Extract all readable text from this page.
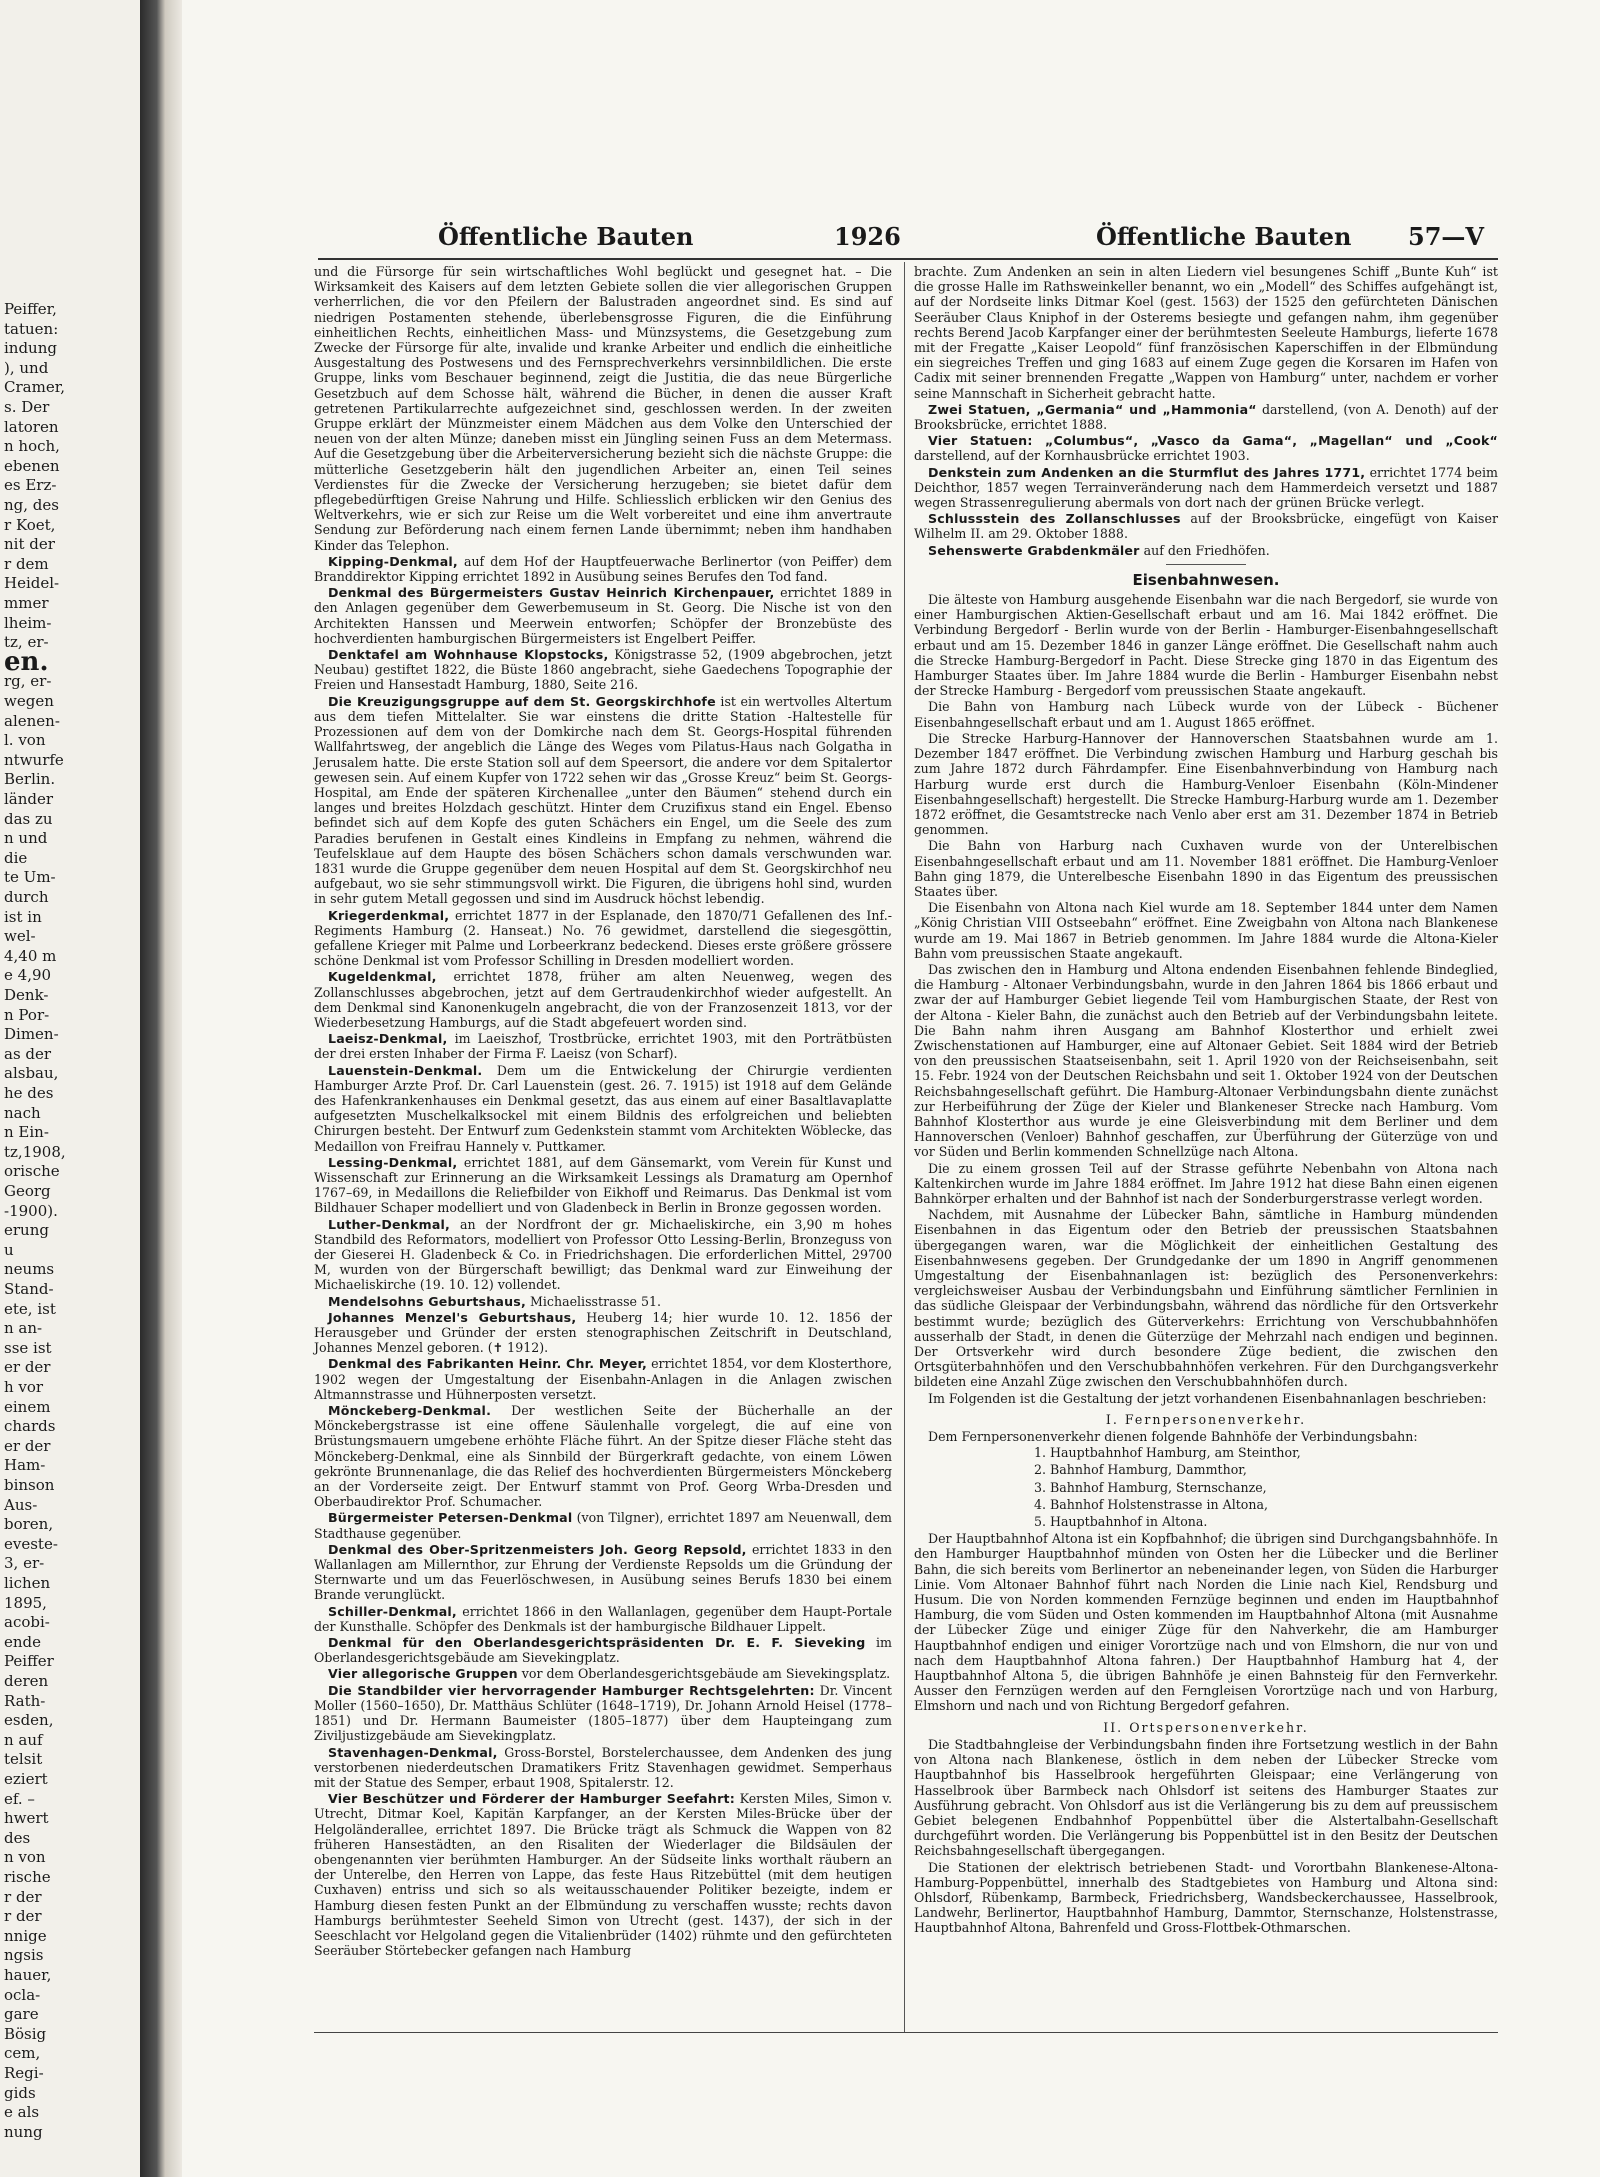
Peiffer,
tatuen:
indung
), und
Cramer,
s. Der
latoren
n hoch,
ebenen
es Erz-
ng, des
r Koet,
nit der
r dem
Heidel-
mmer
lheim-
tz, er-
en.
rg, er-
wegen
alenen-
l. von
ntwurfe
Berlin.
länder
das zu
n und
die
te Um-
durch
ist in
wel-
4,40 m
e 4,90
Denk-
n Por-
Dimen-
as der
alsbau,
he des
nach
n Ein-
tz,1908,
orische
Georg
-1900).
erung
u
neums
Stand-
ete, ist
n an-
sse ist
er der
h vor
einem
chards
er der
Ham-
binson
Aus-
boren,
eveste-
3, er-
lichen
1895,
acobi-
ende
Peiffer
deren
Rath-
esden,
n auf
telsit
eziert
ef. –
hwert
des
n von
rische
r der
r der
nnige
ngsis
hauer,
ocla-
gare
Bösig
cem,
Regi-
gids
e als
nung
Öffentliche Bauten	1926	Öffentliche Bauten 57—V

und die Fürsorge für sein wirtschaftliches Wohl beglückt und gesegnet hat. – Die Wirksamkeit des Kaisers auf dem letzten Gebiete sollen die vier allegorischen Gruppen verherrlichen, die vor den Pfeilern der Balustraden angeordnet sind. Es sind auf niedrigen Postamenten stehende, überlebensgrosse Figuren, die die Einführung einheitlichen Rechts, einheitlichen Mass- und Münzsystems, die Gesetzgebung zum Zwecke der Fürsorge für alte, invalide und kranke Arbeiter und endlich die einheitliche Ausgestaltung des Postwesens und des Fernsprechverkehrs versinnbildlichen. Die erste Gruppe, links vom Beschauer beginnend, zeigt die Justitia, die das neue Bürgerliche Gesetzbuch auf dem Schosse hält, während die Bücher, in denen die ausser Kraft getretenen Partikularrechte aufgezeichnet sind, geschlossen werden. In der zweiten Gruppe erklärt der Münzmeister einem Mädchen aus dem Volke den Unterschied der neuen von der alten Münze; daneben misst ein Jüngling seinen Fuss an dem Metermass. Auf die Gesetzgebung über die Arbeiterversicherung bezieht sich die nächste Gruppe: die mütterliche Gesetzgeberin hält den jugendlichen Arbeiter an, einen Teil seines Verdienstes für die Zwecke der Versicherung herzugeben; sie bietet dafür dem pflegebedürftigen Greise Nahrung und Hilfe. Schliesslich erblicken wir den Genius des Weltverkehrs, wie er sich zur Reise um die Welt vorbereitet und eine ihm anvertraute Sendung zur Beförderung nach einem fernen Lande übernimmt; neben ihm handhaben Kinder das Telephon.

Kipping-Denkmal, auf dem Hof der Hauptfeuerwache Berlinertor (von Peiffer) dem Branddirektor Kipping errichtet 1892 in Ausübung seines Berufes den Tod fand.

Denkmal des Bürgermeisters Gustav Heinrich Kirchenpauer, errichtet 1889 in den Anlagen gegenüber dem Gewerbemuseum in St. Georg. Die Nische ist von den Architekten Hanssen und Meerwein entworfen; Schöpfer der Bronzebüste des hochverdienten hamburgischen Bürgermeisters ist Engelbert Peiffer.

Denktafel am Wohnhause Klopstocks, Königstrasse 52, (1909 abgebrochen, jetzt Neubau) gestiftet 1822, die Büste 1860 angebracht, siehe Gaedechens Topographie der Freien und Hansestadt Hamburg, 1880, Seite 216.

Die Kreuzigungsgruppe auf dem St. Georgskirchhofe ist ein wertvolles Altertum aus dem tiefen Mittelalter. Sie war einstens die dritte Station -Haltestelle für Prozessionen auf dem von der Domkirche nach dem St. Georgs-Hospital führenden Wallfahrtsweg, der angeblich die Länge des Weges vom Pilatus-Haus nach Golgatha in Jerusalem hatte. Die erste Station soll auf dem Speersort, die andere vor dem Spitalertor gewesen sein. Auf einem Kupfer von 1722 sehen wir das „Grosse Kreuz“ beim St. Georgs-Hospital, am Ende der späteren Kirchenallee „unter den Bäumen“ stehend durch ein langes und breites Holzdach geschützt. Hinter dem Cruzifixus stand ein Engel. Ebenso befindet sich auf dem Kopfe des guten Schächers ein Engel, um die Seele des zum Paradies berufenen in Gestalt eines Kindleins in Empfang zu nehmen, während die Teufelsklaue auf dem Haupte des bösen Schächers schon damals verschwunden war. 1831 wurde die Gruppe gegenüber dem neuen Hospital auf dem St. Georgskirchhof neu aufgebaut, wo sie sehr stimmungsvoll wirkt. Die Figuren, die übrigens hohl sind, wurden in sehr gutem Metall gegossen und sind im Ausdruck höchst lebendig.

Kriegerdenkmal, errichtet 1877 in der Esplanade, den 1870/71 Gefallenen des Inf.-Regiments Hamburg (2. Hanseat.) No. 76 gewidmet, darstellend die siegesgöttin, gefallene Krieger mit Palme und Lorbeerkranz bedeckend. Dieses erste größere grössere schöne Denkmal ist vom Professor Schilling in Dresden modelliert worden.

Kugeldenkmal, errichtet 1878, früher am alten Neuenweg, wegen des Zollanschlusses abgebrochen, jetzt auf dem Gertraudenkirchhof wieder aufgestellt. An dem Denkmal sind Kanonenkugeln angebracht, die von der Franzosenzeit 1813, vor der Wiederbesetzung Hamburgs, auf die Stadt abgefeuert worden sind.

Laeisz-Denkmal, im Laeiszhof, Trostbrücke, errichtet 1903, mit den Porträtbüsten der drei ersten Inhaber der Firma F. Laeisz (von Scharf).

Lauenstein-Denkmal. Dem um die Entwickelung der Chirurgie verdienten Hamburger Arzte Prof. Dr. Carl Lauenstein (gest. 26. 7. 1915) ist 1918 auf dem Gelände des Hafenkrankenhauses ein Denkmal gesetzt, das aus einem auf einer Basaltlavaplatte aufgesetzten Muschelkalksockel mit einem Bildnis des erfolgreichen und beliebten Chirurgen besteht. Der Entwurf zum Gedenkstein stammt vom Architekten Wöblecke, das Medaillon von Freifrau Hannely v. Puttkamer.

Lessing-Denkmal, errichtet 1881, auf dem Gänsemarkt, vom Verein für Kunst und Wissenschaft zur Erinnerung an die Wirksamkeit Lessings als Dramaturg am Opernhof 1767–69, in Medaillons die Reliefbilder von Eikhoff und Reimarus. Das Denkmal ist vom Bildhauer Schaper modelliert und von Gladenbeck in Berlin in Bronze gegossen worden.

Luther-Denkmal, an der Nordfront der gr. Michaeliskirche, ein 3,90 m hohes Standbild des Reformators, modelliert von Professor Otto Lessing-Berlin, Bronzeguss von der Gieserei H. Gladenbeck & Co. in Friedrichshagen. Die erforderlichen Mittel, 29700 M, wurden von der Bürgerschaft bewilligt; das Denkmal ward zur Einweihung der Michaeliskirche (19. 10. 12) vollendet.

Mendelsohns Geburtshaus, Michaelisstrasse 51.

Johannes Menzel's Geburtshaus, Heuberg 14; hier wurde 10. 12. 1856 der Herausgeber und Gründer der ersten stenographischen Zeitschrift in Deutschland, Johannes Menzel geboren. (✝ 1912).

Denkmal des Fabrikanten Heinr. Chr. Meyer, errichtet 1854, vor dem Klosterthore, 1902 wegen der Umgestaltung der Eisenbahn-Anlagen in die Anlagen zwischen Altmannstrasse und Hühnerposten versetzt.

Mönckeberg-Denkmal. Der westlichen Seite der Bücherhalle an der Mönckebergstrasse ist eine offene Säulenhalle vorgelegt, die auf eine von Brüstungsmauern umgebene erhöhte Fläche führt. An der Spitze dieser Fläche steht das Mönckeberg-Denkmal, eine als Sinnbild der Bürgerkraft gedachte, von einem Löwen gekrönte Brunnenanlage, die das Relief des hochverdienten Bürgermeisters Mönckeberg an der Vorderseite zeigt. Der Entwurf stammt von Prof. Georg Wrba-Dresden und Oberbaudirektor Prof. Schumacher.

Bürgermeister Petersen-Denkmal (von Tilgner), errichtet 1897 am Neuenwall, dem Stadthause gegenüber.

Denkmal des Ober-Spritzenmeisters Joh. Georg Repsold, errichtet 1833 in den Wallanlagen am Millernthor, zur Ehrung der Verdienste Repsolds um die Gründung der Sternwarte und um das Feuerlöschwesen, in Ausübung seines Berufs 1830 bei einem Brande verunglückt.

Schiller-Denkmal, errichtet 1866 in den Wallanlagen, gegenüber dem Haupt-Portale der Kunsthalle. Schöpfer des Denkmals ist der hamburgische Bildhauer Lippelt.

Denkmal für den Oberlandesgerichtspräsidenten Dr. E. F. Sieveking im Oberlandesgerichtsgebäude am Sievekingplatz.

Vier allegorische Gruppen vor dem Oberlandesgerichtsgebäude am Sievekingsplatz.

Die Standbilder vier hervorragender Hamburger Rechtsgelehrten: Dr. Vincent Moller (1560–1650), Dr. Matthäus Schlüter (1648–1719), Dr. Johann Arnold Heisel (1778–1851) und Dr. Hermann Baumeister (1805–1877) über dem Haupteingang zum Ziviljustizgebäude am Sievekingplatz.

Stavenhagen-Denkmal, Gross-Borstel, Borstelerchaussee, dem Andenken des jung verstorbenen niederdeutschen Dramatikers Fritz Stavenhagen gewidmet. Semperhaus mit der Statue des Semper, erbaut 1908, Spitalerstr. 12.

Vier Beschützer und Förderer der Hamburger Seefahrt: Kersten Miles, Simon v. Utrecht, Ditmar Koel, Kapitän Karpfanger, an der Kersten Miles-Brücke über der Helgoländerallee, errichtet 1897. Die Brücke trägt als Schmuck die Wappen von 82 früheren Hansestädten, an den Risaliten der Wiederlager die Bildsäulen der obengenannten vier berühmten Hamburger. An der Südseite links worthalt räubern an der Unterelbe, den Herren von Lappe, das feste Haus Ritzebüttel (mit dem heutigen Cuxhaven) entriss und sich so als weitausschauender Politiker bezeigte, indem er Hamburg diesen festen Punkt an der Elbmündung zu verschaffen wusste; rechts davon Hamburgs berühmtester Seeheld Simon von Utrecht (gest. 1437), der sich in der Seeschlacht vor Helgoland gegen die Vitalienbrüder (1402) rühmte und den gefürchteten Seeräuber Störtebecker gefangen nach Hamburg

brachte. Zum Andenken an sein in alten Liedern viel besungenes Schiff „Bunte Kuh“ ist die grosse Halle im Rathsweinkeller benannt, wo ein „Modell“ des Schiffes aufgehängt ist, auf der Nordseite links Ditmar Koel (gest. 1563) der 1525 den gefürchteten Dänischen Seeräuber Claus Kniphof in der Osterems besiegte und gefangen nahm, ihm gegenüber rechts Berend Jacob Karpfanger einer der berühmtesten Seeleute Hamburgs, lieferte 1678 mit der Fregatte „Kaiser Leopold“ fünf französischen Kaperschiffen in der Elbmündung ein siegreiches Treffen und ging 1683 auf einem Zuge gegen die Korsaren im Hafen von Cadix mit seiner brennenden Fregatte „Wappen von Hamburg“ unter, nachdem er vorher seine Mannschaft in Sicherheit gebracht hatte.

Zwei Statuen, „Germania“ und „Hammonia“ darstellend, (von A. Denoth) auf der Brooksbrücke, errichtet 1888.

Vier Statuen: „Columbus“, „Vasco da Gama“, „Magellan“ und „Cook“ darstellend, auf der Kornhausbrücke errichtet 1903.

Denkstein zum Andenken an die Sturmflut des Jahres 1771, errichtet 1774 beim Deichthor, 1857 wegen Terrainveränderung nach dem Hammerdeich versetzt und 1887 wegen Strassenregulierung abermals von dort nach der grünen Brücke verlegt.

Schlussstein des Zollanschlusses auf der Brooksbrücke, eingefügt von Kaiser Wilhelm II. am 29. Oktober 1888.

Sehenswerte Grabdenkmäler auf den Friedhöfen.

Eisenbahnwesen.

Die älteste von Hamburg ausgehende Eisenbahn war die nach Bergedorf, sie wurde von einer Hamburgischen Aktien-Gesellschaft erbaut und am 16. Mai 1842 eröffnet. Die Verbindung Bergedorf - Berlin wurde von der Berlin - Hamburger-Eisenbahngesellschaft erbaut und am 15. Dezember 1846 in ganzer Länge eröffnet. Die Gesellschaft nahm auch die Strecke Hamburg-Bergedorf in Pacht. Diese Strecke ging 1870 in das Eigentum des Hamburger Staates über. Im Jahre 1884 wurde die Berlin - Hamburger Eisenbahn nebst der Strecke Hamburg - Bergedorf vom preussischen Staate angekauft.

Die Bahn von Hamburg nach Lübeck wurde von der Lübeck - Büchener Eisenbahngesellschaft erbaut und am 1. August 1865 eröffnet.

Die Strecke Harburg-Hannover der Hannoverschen Staatsbahnen wurde am 1. Dezember 1847 eröffnet. Die Verbindung zwischen Hamburg und Harburg geschah bis zum Jahre 1872 durch Fährdampfer. Eine Eisenbahnverbindung von Hamburg nach Harburg wurde erst durch die Hamburg-Venloer Eisenbahn (Köln-Mindener Eisenbahngesellschaft) hergestellt. Die Strecke Hamburg-Harburg wurde am 1. Dezember 1872 eröffnet, die Gesamtstrecke nach Venlo aber erst am 31. Dezember 1874 in Betrieb genommen.

Die Bahn von Harburg nach Cuxhaven wurde von der Unterelbischen Eisenbahngesellschaft erbaut und am 11. November 1881 eröffnet. Die Hamburg-Venloer Bahn ging 1879, die Unterelbesche Eisenbahn 1890 in das Eigentum des preussischen Staates über.

Die Eisenbahn von Altona nach Kiel wurde am 18. September 1844 unter dem Namen „König Christian VIII Ostseebahn“ eröffnet. Eine Zweigbahn von Altona nach Blankenese wurde am 19. Mai 1867 in Betrieb genommen. Im Jahre 1884 wurde die Altona-Kieler Bahn vom preussischen Staate angekauft.

Das zwischen den in Hamburg und Altona endenden Eisenbahnen fehlende Bindeglied, die Hamburg - Altonaer Verbindungsbahn, wurde in den Jahren 1864 bis 1866 erbaut und zwar der auf Hamburger Gebiet liegende Teil vom Hamburgischen Staate, der Rest von der Altona - Kieler Bahn, die zunächst auch den Betrieb auf der Verbindungsbahn leitete. Die Bahn nahm ihren Ausgang am Bahnhof Klosterthor und erhielt zwei Zwischenstationen auf Hamburger, eine auf Altonaer Gebiet. Seit 1884 wird der Betrieb von den preussischen Staatseisenbahn, seit 1. April 1920 von der Reichseisenbahn, seit 15. Febr. 1924 von der Deutschen Reichsbahn und seit 1. Oktober 1924 von der Deutschen Reichsbahngesellschaft geführt. Die Hamburg-Altonaer Verbindungsbahn diente zunächst zur Herbeiführung der Züge der Kieler und Blankeneser Strecke nach Hamburg. Vom Bahnhof Klosterthor aus wurde je eine Gleisverbindung mit dem Berliner und dem Hannoverschen (Venloer) Bahnhof geschaffen, zur Überführung der Güterzüge von und vor Süden und Berlin kommenden Schnellzüge nach Altona.

Die zu einem grossen Teil auf der Strasse geführte Nebenbahn von Altona nach Kaltenkirchen wurde im Jahre 1884 eröffnet. Im Jahre 1912 hat diese Bahn einen eigenen Bahnkörper erhalten und der Bahnhof ist nach der Sonderburgerstrasse verlegt worden.

Nachdem, mit Ausnahme der Lübecker Bahn, sämtliche in Hamburg mündenden Eisenbahnen in das Eigentum oder den Betrieb der preussischen Staatsbahnen übergegangen waren, war die Möglichkeit der einheitlichen Gestaltung des Eisenbahnwesens gegeben. Der Grundgedanke der um 1890 in Angriff genommenen Umgestaltung der Eisenbahnanlagen ist: bezüglich des Personenverkehrs: vergleichsweiser Ausbau der Verbindungsbahn und Einführung sämtlicher Fernlinien in das südliche Gleispaar der Verbindungsbahn, während das nördliche für den Ortsverkehr bestimmt wurde; bezüglich des Güterverkehrs: Errichtung von Verschubbahnhöfen ausserhalb der Stadt, in denen die Güterzüge der Mehrzahl nach endigen und beginnen. Der Ortsverkehr wird durch besondere Züge bedient, die zwischen den Ortsgüterbahnhöfen und den Verschubbahnhöfen verkehren. Für den Durchgangsverkehr bildeten eine Anzahl Züge zwischen den Verschubbahnhöfen durch.

Im Folgenden ist die Gestaltung der jetzt vorhandenen Eisenbahnanlagen beschrieben:

I. Fernpersonenverkehr.

Dem Fernpersonenverkehr dienen folgende Bahnhöfe der Verbindungsbahn:

1. Hauptbahnhof Hamburg, am Steinthor,
2. Bahnhof Hamburg, Dammthor,
3. Bahnhof Hamburg, Sternschanze,
4. Bahnhof Holstenstrasse in Altona,
5. Hauptbahnhof in Altona.

Der Hauptbahnhof Altona ist ein Kopfbahnhof; die übrigen sind Durchgangsbahnhöfe. In den Hamburger Hauptbahnhof münden von Osten her die Lübecker und die Berliner Bahn, die sich bereits vom Berlinertor an nebeneinander legen, von Süden die Harburger Linie. Vom Altonaer Bahnhof führt nach Norden die Linie nach Kiel, Rendsburg und Husum. Die von Norden kommenden Fernzüge beginnen und enden im Hauptbahnhof Hamburg, die vom Süden und Osten kommenden im Hauptbahnhof Altona (mit Ausnahme der Lübecker Züge und einiger Züge für den Nahverkehr, die am Hamburger Hauptbahnhof endigen und einiger Vorortzüge nach und von Elmshorn, die nur von und nach dem Hauptbahnhof Altona fahren.) Der Hauptbahnhof Hamburg hat 4, der Hauptbahnhof Altona 5, die übrigen Bahnhöfe je einen Bahnsteig für den Fernverkehr. Ausser den Fernzügen werden auf den Ferngleisen Vorortzüge nach und von Harburg, Elmshorn und nach und von Richtung Bergedorf gefahren.

II. Ortspersonenverkehr.

Die Stadtbahngleise der Verbindungsbahn finden ihre Fortsetzung westlich in der Bahn von Altona nach Blankenese, östlich in dem neben der Lübecker Strecke vom Hauptbahnhof bis Hasselbrook hergeführten Gleispaar; eine Verlängerung von Hasselbrook über Barmbeck nach Ohlsdorf ist seitens des Hamburger Staates zur Ausführung gebracht. Von Ohlsdorf aus ist die Verlängerung bis zu dem auf preussischem Gebiet belegenen Endbahnhof Poppenbüttel über die Alstertalbahn-Gesellschaft durchgeführt worden. Die Verlängerung bis Poppenbüttel ist in den Besitz der Deutschen Reichsbahngesellschaft übergegangen.

Die Stationen der elektrisch betriebenen Stadt- und Vorortbahn Blankenese-Altona-Hamburg-Poppenbüttel, innerhalb des Stadtgebietes von Hamburg und Altona sind: Ohlsdorf, Rübenkamp, Barmbeck, Friedrichsberg, Wandsbeckerchaussee, Hasselbrook, Landwehr, Berlinertor, Hauptbahnhof Hamburg, Dammtor, Sternschanze, Holstenstrasse, Hauptbahnhof Altona, Bahrenfeld und Gross-Flottbek-Othmarschen.
